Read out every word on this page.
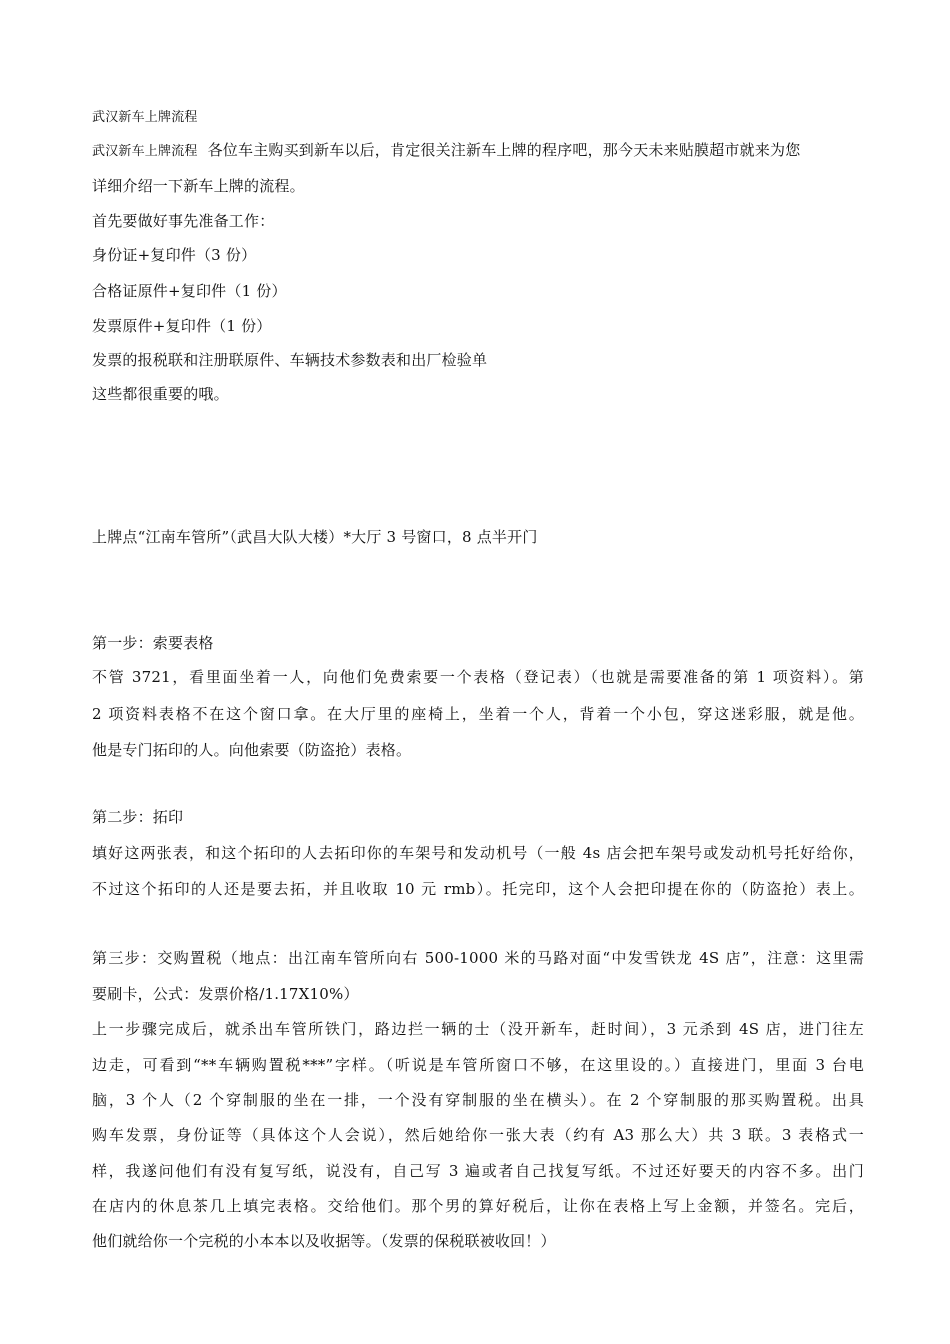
武汉新车上牌流程
武汉新车上牌流程 各位车主购买到新车以后，肯定很关注新车上牌的程序吧，那今天未来贴膜超市就来为您
详细介绍一下新车上牌的流程。
首先要做好事先准备工作：
身份证+复印件（3 份）
合格证原件+复印件（1 份）
发票原件+复印件（1 份）
发票的报税联和注册联原件、车辆技术参数表和出厂检验单
这些都很重要的哦。
上牌点“江南车管所”（武昌大队大楼）*大厅 3 号窗口，8 点半开门
第一步：索要表格
不管 3721，看里面坐着一人，向他们免费索要一个表格（登记表）（也就是需要准备的第 1 项资料）。第
2 项资料表格不在这个窗口拿。在大厅里的座椅上，坐着一个人，背着一个小包，穿这迷彩服，就是他。
他是专门拓印的人。向他索要（防盗抢）表格。
第二步：拓印
填好这两张表，和这个拓印的人去拓印你的车架号和发动机号（一般 4s 店会把车架号或发动机号托好给你，
不过这个拓印的人还是要去拓，并且收取 10 元 rmb）。托完印，这个人会把印提在你的（防盗抢）表上。
第三步：交购置税（地点：出江南车管所向右 500-1000 米的马路对面“中发雪铁龙 4S 店”，注意：这里需
要刷卡，公式：发票价格/1.17X10%）
上一步骤完成后，就杀出车管所铁门，路边拦一辆的士（没开新车，赶时间），3 元杀到 4S 店，进门往左
边走，可看到“**车辆购置税***”字样。（听说是车管所窗口不够，在这里设的。）直接进门，里面 3 台电
脑，3 个人（2 个穿制服的坐在一排，一个没有穿制服的坐在横头）。在 2 个穿制服的那买购置税。出具
购车发票，身份证等（具体这个人会说），然后她给你一张大表（约有 A3 那么大）共 3 联。3 表格式一
样，我遂问他们有没有复写纸，说没有，自己写 3 遍或者自己找复写纸。不过还好要天的内容不多。出门
在店内的休息茶几上填完表格。交给他们。那个男的算好税后，让你在表格上写上金额，并签名。完后，
他们就给你一个完税的小本本以及收据等。（发票的保税联被收回！）
